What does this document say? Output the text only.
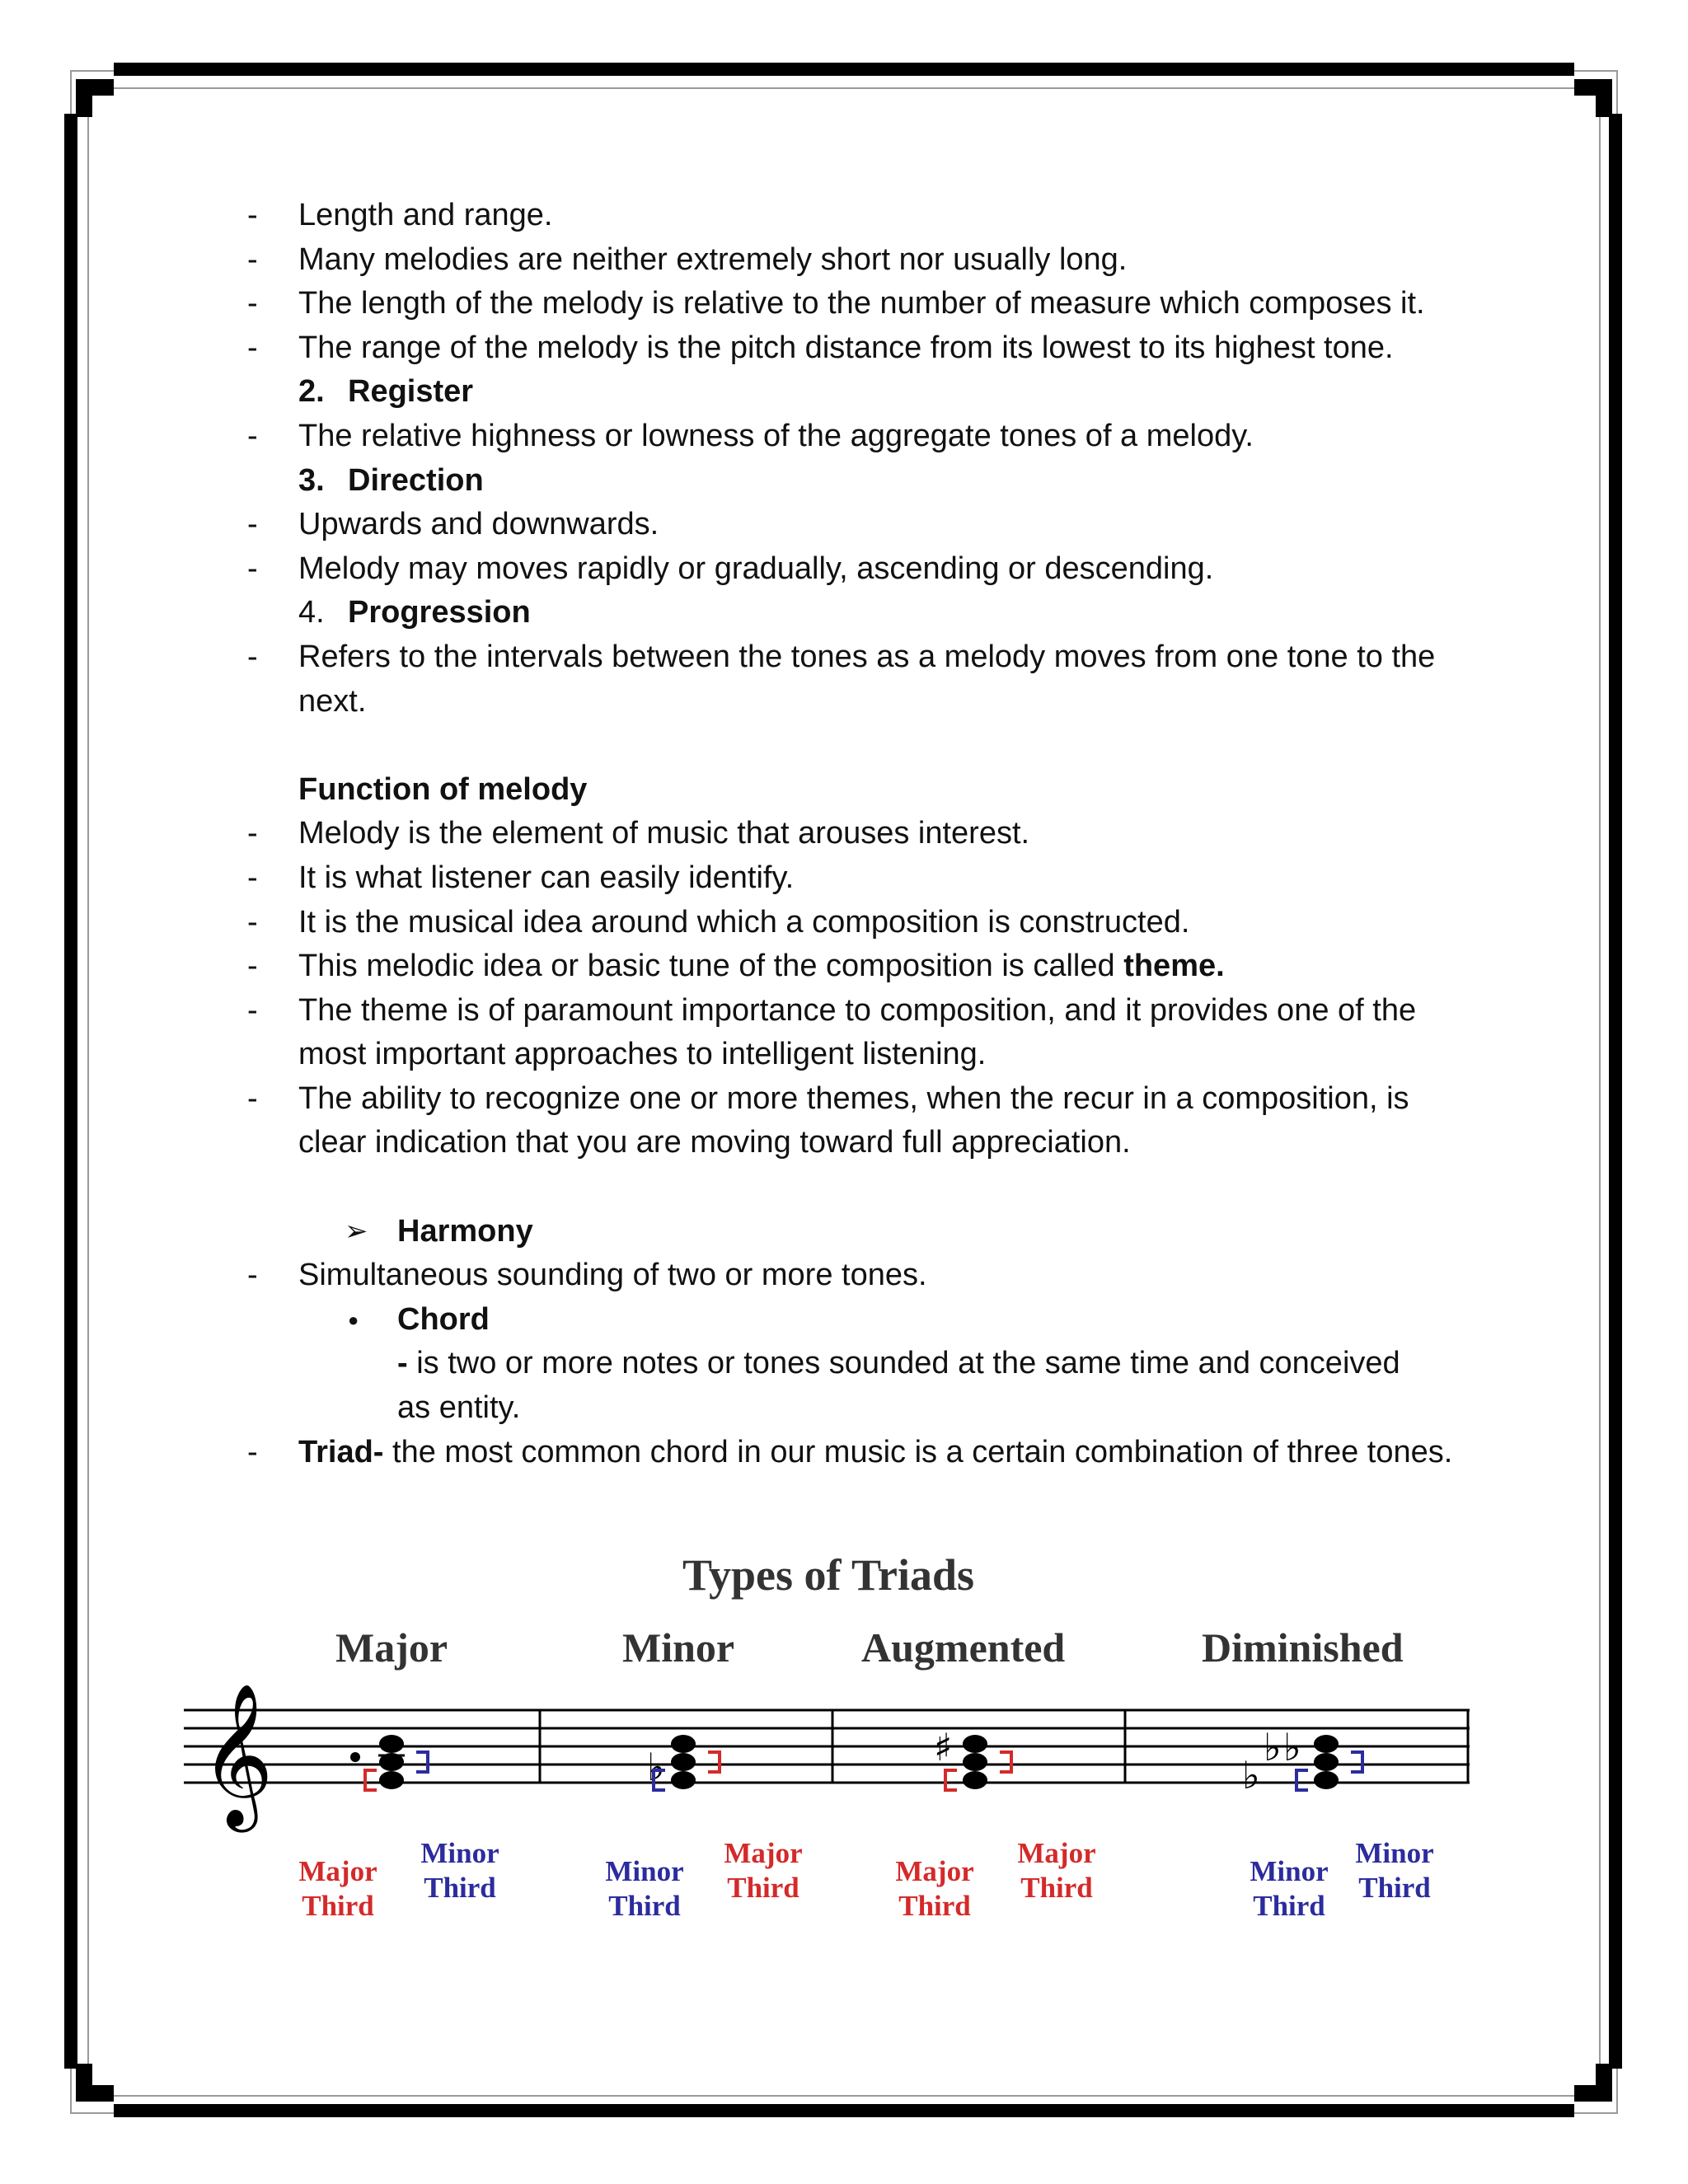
- Length and range.
- Many melodies are neither extremely short nor usually long.
- The length of the melody is relative to the number of measure which composes it.
- The range of the melody is the pitch distance from its lowest to its highest tone.
2. Register
- The relative highness or lowness of the aggregate tones of a melody.
3. Direction
- Upwards and downwards.
- Melody may moves rapidly or gradually, ascending or descending.
4. Progression
- Refers to the intervals between the tones as a melody moves from one tone to the next.
Function of melody
- Melody is the element of music that arouses interest.
- It is what listener can easily identify.
- It is the musical idea around which a composition is constructed.
- This melodic idea or basic tune of the composition is called theme.
- The theme is of paramount importance to composition, and it provides one of the most important approaches to intelligent listening.
- The ability to recognize one or more themes, when the recur in a composition, is clear indication that you are moving toward full appreciation.
➢ Harmony
- Simultaneous sounding of two or more tones.
● Chord
- is two or more notes or tones sounded at the same time and conceived as entity.
- Triad- the most common chord in our music is a certain combination of three tones.
Types of Triads
Major	Minor	Augmented	Diminished
𝄞	♭	♯
♭
♭ ♭
Major
Third
Minor
Third
Minor
Third
Major
Third
Major
Third
Major
Third
Minor
Third
Minor
Third
